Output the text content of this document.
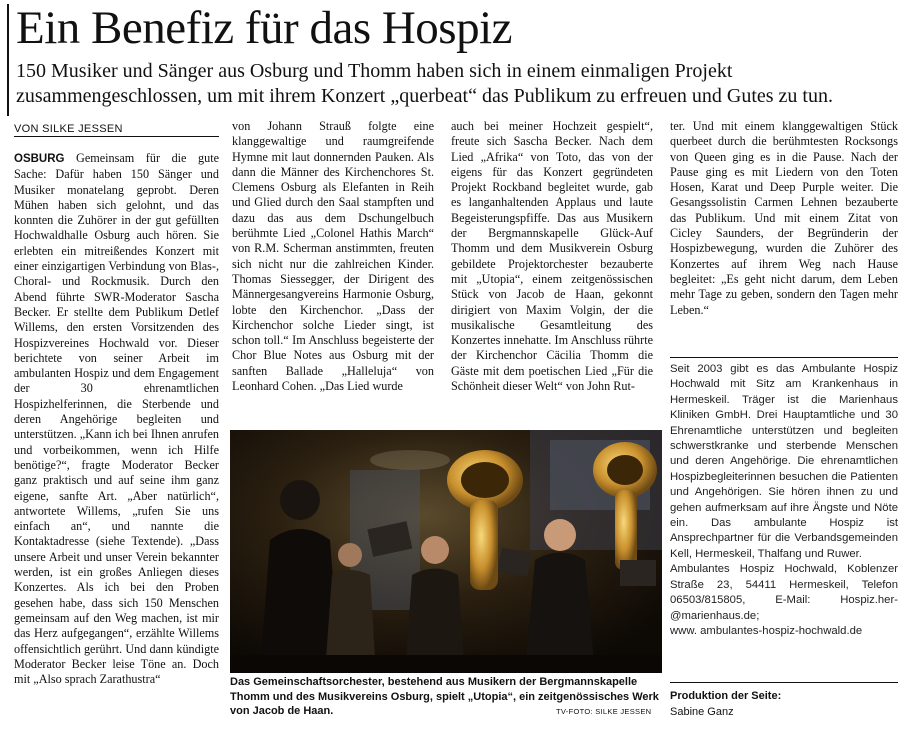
Ein Benefiz für das Hospiz
150 Musiker und Sänger aus Osburg und Thomm haben sich in einem einmaligen Projekt zusammengeschlossen, um mit ihrem Konzert „querbeat“ das Publikum zu erfreuen und Gutes zu tun.
VON SILKE JESSEN

OSBURG Gemeinsam für die gute Sache: Dafür haben 150 Sänger und Musiker monatelang geprobt. Deren Mühen haben sich gelohnt, und das konnten die Zuhörer in der gut gefüllten Hochwaldhalle Osburg auch hören. Sie erlebten ein mitreißendes Konzert mit einer einzigartigen Verbindung von Blas-, Choral- und Rockmusik. Durch den Abend führte SWR-Moderator Sascha Becker. Er stellte dem Publikum Detlef Willems, den ersten Vorsitzenden des Hospizvereines Hochwald vor. Dieser berichtete von seiner Arbeit im ambulanten Hospiz und dem Engagement der 30 ehrenamtlichen Hospizhelferinnen, die Sterbende und deren Angehörige begleiten und unterstützen. „Kann ich bei Ihnen anrufen und vorbeikommen, wenn ich Hilfe benötige?“, fragte Moderator Becker ganz praktisch und auf seine ihm ganz eigene, sanfte Art. „Aber natürlich“, antwortete Willems, „rufen Sie uns einfach an“, und nannte die Kontaktadresse (siehe Textende). „Dass unsere Arbeit und unser Verein bekannter werden, ist ein großes Anliegen dieses Konzertes. Als ich bei den Proben gesehen habe, dass sich 150 Menschen gemeinsam auf den Weg machen, ist mir das Herz aufgegangen“, erzählte Willems offensichtlich gerührt. Und dann kündigte Moderator Becker leise Töne an. Doch mit „Also sprach Zarathustra“

von Johann Strauß folgte eine klanggewaltige und raumgreifende Hymne mit laut donnernden Pauken. Als dann die Männer des Kirchenchores St. Clemens Osburg als Elefanten in Reih und Glied durch den Saal stampften und dazu das aus dem Dschungelbuch berühmte Lied „Colonel Hathis March“ von R.M. Scherman anstimmten, freuten sich nicht nur die zahlreichen Kinder. Thomas Siessegger, der Dirigent des Männergesangvereins Harmonie Osburg, lobte den Kirchenchor. „Dass der Kirchenchor solche Lieder singt, ist schon toll.“ Im Anschluss begeisterte der Chor Blue Notes aus Osburg mit der sanften Ballade „Halleluja“ von Leonhard Cohen. „Das Lied wurde

auch bei meiner Hochzeit gespielt“, freute sich Sascha Becker. Nach dem Lied „Afrika“ von Toto, das von der eigens für das Konzert gegründeten Projekt Rockband begleitet wurde, gab es langanhaltenden Applaus und laute Begeisterungspfiffe. Das aus Musikern der Bergmannskapelle Glück-Auf Thomm und dem Musikverein Osburg gebildete Projektorchester bezauberte mit „Utopia“, einem zeitgenössischen Stück von Jacob de Haan, gekonnt dirigiert von Maxim Volgin, der die musikalische Gesamtleitung des Konzertes innehatte. Im Anschluss rührte der Kirchenchor Cäcilia Thomm die Gäste mit dem poetischen Lied „Für die Schönheit dieser Welt“ von John Rut-

ter. Und mit einem klanggewaltigen Stück querbeet durch die berühmtesten Rocksongs von Queen ging es in die Pause. Nach der Pause ging es mit Liedern von den Toten Hosen, Karat und Deep Purple weiter. Die Gesangssolistin Carmen Lehnen bezauberte das Publikum. Und mit einem Zitat von Cicley Saunders, der Begründerin der Hospizbewegung, wurden die Zuhörer des Konzertes auf ihrem Weg nach Hause begleitet: „Es geht nicht darum, dem Leben mehr Tage zu geben, sondern den Tagen mehr Leben.“

Das Gemeinschaftsorchester, bestehend aus Musikern der Bergmannskapelle Thomm und des Musikvereins Osburg, spielt „Utopia“, ein zeitgenössisches Werk von Jacob de Haan.	TV-FOTO: SILKE JESSEN

Seit 2003 gibt es das Ambulante Hospiz Hochwald mit Sitz am Krankenhaus in Hermeskeil. Träger ist die Marienhaus Kliniken GmbH. Drei Hauptamtliche und 30 Ehrenamtliche unterstützen und begleiten schwerstkranke und sterbende Menschen und deren Angehörige. Die ehrenamtlichen Hospizbegleiterinnen besuchen die Patienten und Angehörigen. Sie hören ihnen zu und gehen aufmerksam auf ihre Ängste und Nöte ein. Das ambulante Hospiz ist Ansprechpartner für die Verbandsgemeinden Kell, Hermeskeil, Thalfang und Ruwer.

Ambulantes Hospiz Hochwald, Koblenzer Straße 23, 54411 Hermeskeil, Telefon 06503/815805, E-Mail: Hospiz.her-@marienhaus.de;

www. ambulantes-hospiz-hochwald.de

Produktion der Seite:
Sabine Ganz
